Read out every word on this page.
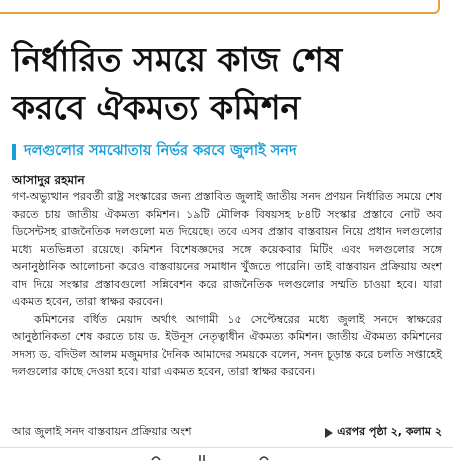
নির্ধারিত সময়ে কাজ শেষ
করবে ঐকমত্য কমিশন
দলগুলোর সমঝোতায় নির্ভর করবে জুলাই সনদ
আসাদুর রহমান

গণ-অভ্যুত্থান পরবর্তী রাষ্ট্র সংস্কারের জন্য প্রস্তাবিত জুলাই জাতীয় সনদ প্রণয়ন নির্ধারিত সময়ে শেষ করতে চায় জাতীয় ঐকমত্য কমিশন। ১৯টি মৌলিক বিষয়সহ ৮৪টি সংস্কার প্রস্তাবে নোট অব ডিসেন্টসহ রাজনৈতিক দলগুলো মত দিয়েছে। তবে এসব প্রস্তাব বাস্তবায়ন নিয়ে প্রধান দলগুলোর মধ্যে মতভিন্নতা রয়েছে। কমিশন বিশেষজ্ঞদের সঙ্গে কয়েকবার মিটিং এবং দলগুলোর সঙ্গে অনানুষ্ঠানিক আলোচনা করেও বাস্তবায়নের সমাধান খুঁজতে পারেনি। তাই বাস্তবায়ন প্রক্রিয়ায় অংশ বাদ দিয়ে সংস্কার প্রস্তাবগুলো সন্নিবেশন করে রাজনৈতিক দলগুলোর সম্মতি চাওয়া হবে। যারা একমত হবেন, তারা স্বাক্ষর করবেন।

কমিশনের বর্ধিত মেয়াদ অর্থাৎ আগামী ১৫ সেপ্টেম্বরের মধ্যে জুলাই সনদে স্বাক্ষরের আনুষ্ঠানিকতা শেষ করতে চায় ড. ইউনূস নেতৃত্বাধীন ঐকমত্য কমিশন। জাতীয় ঐকমত্য কমিশনের সদস্য ড. বদিউল আলম মজুমদার দৈনিক আমাদের সময়কে বলেন, সনদ চূড়ান্ত করে চলতি সপ্তাহেই দলগুলোর কাছে দেওয়া হবে। যারা একমত হবেন, তারা স্বাক্ষর করবেন।

আর জুলাই সনদ বাস্তবায়ন প্রক্রিয়ার অংশ	এরপর পৃষ্ঠা ২, কলাম ২
